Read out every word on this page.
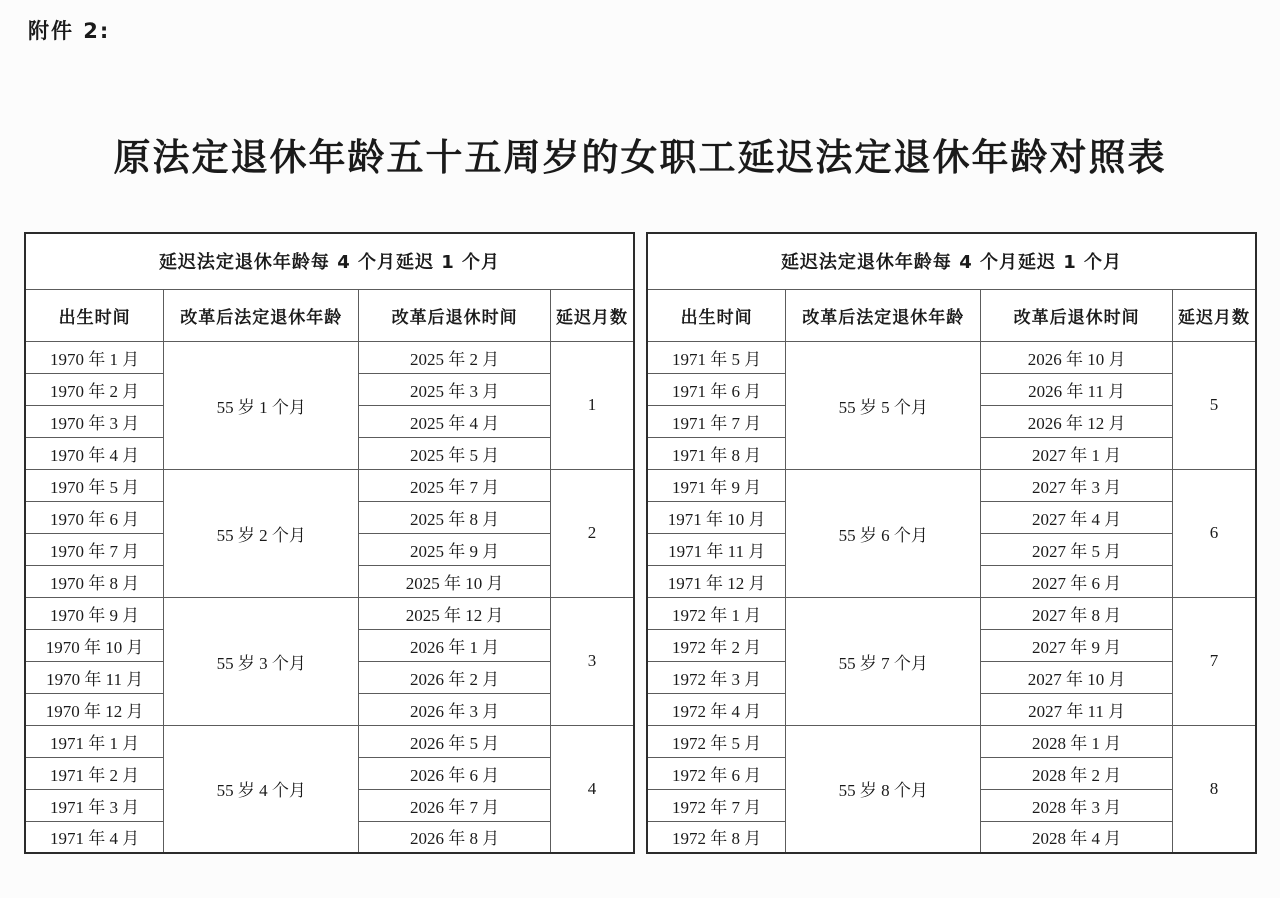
附件 2:
原法定退休年龄五十五周岁的女职工延迟法定退休年龄对照表
延迟法定退休年龄每 4 个月延迟 1 个月			
出生时间	改革后法定退休年龄	改革后退休时间	延迟月数
1970 年 1 月	55 岁 1 个月	2025 年 2 月	1
1970 年 2 月		2025 年 3 月	
1970 年 3 月		2025 年 4 月	
1970 年 4 月		2025 年 5 月	
1970 年 5 月	55 岁 2 个月	2025 年 7 月	2
1970 年 6 月		2025 年 8 月	
1970 年 7 月		2025 年 9 月	
1970 年 8 月		2025 年 10 月	
1970 年 9 月	55 岁 3 个月	2025 年 12 月	3
1970 年 10 月		2026 年 1 月	
1970 年 11 月		2026 年 2 月	
1970 年 12 月		2026 年 3 月	
1971 年 1 月	55 岁 4 个月	2026 年 5 月	4
1971 年 2 月		2026 年 6 月	
1971 年 3 月		2026 年 7 月	
1971 年 4 月		2026 年 8 月	
延迟法定退休年龄每 4 个月延迟 1 个月			
出生时间	改革后法定退休年龄	改革后退休时间	延迟月数
1971 年 5 月	55 岁 5 个月	2026 年 10 月	5
1971 年 6 月		2026 年 11 月	
1971 年 7 月		2026 年 12 月	
1971 年 8 月		2027 年 1 月	
1971 年 9 月	55 岁 6 个月	2027 年 3 月	6
1971 年 10 月		2027 年 4 月	
1971 年 11 月		2027 年 5 月	
1971 年 12 月		2027 年 6 月	
1972 年 1 月	55 岁 7 个月	2027 年 8 月	7
1972 年 2 月		2027 年 9 月	
1972 年 3 月		2027 年 10 月	
1972 年 4 月		2027 年 11 月	
1972 年 5 月	55 岁 8 个月	2028 年 1 月	8
1972 年 6 月		2028 年 2 月	
1972 年 7 月		2028 年 3 月	
1972 年 8 月		2028 年 4 月	
